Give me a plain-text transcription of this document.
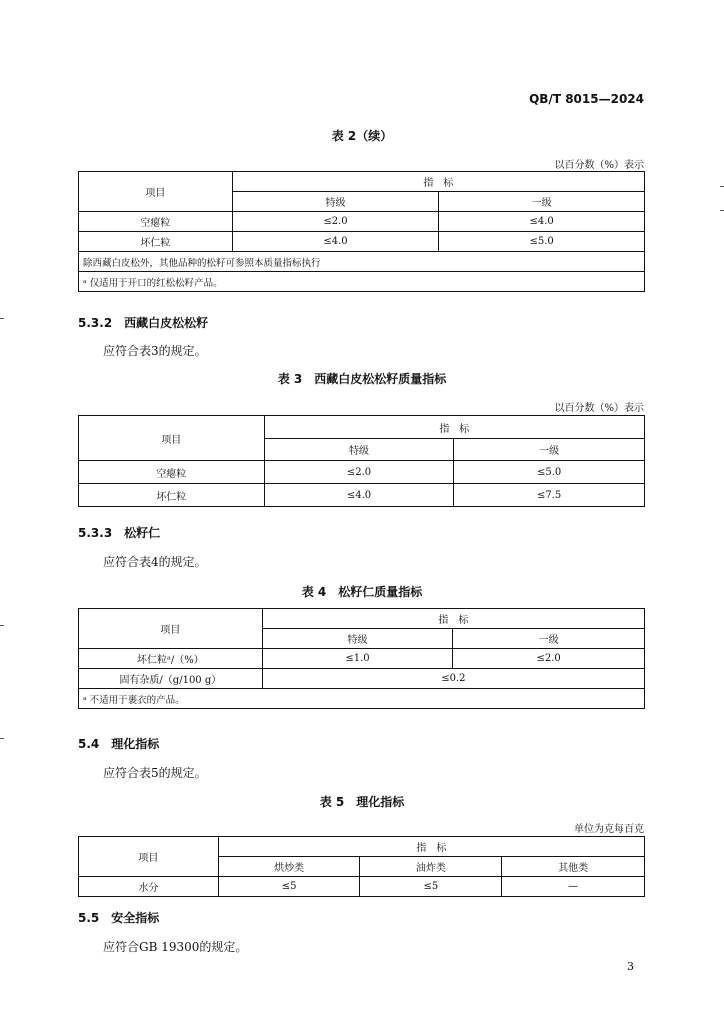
QB/T 8015—2024
表 2（续）
以百分数（%）表示
项目	指　标	
	特级	一级
空瘪粒	≤2.0	≤4.0
坏仁粒	≤4.0	≤5.0
除西藏白皮松外，其他品种的松籽可参照本质量指标执行		
ᵃ 仅适用于开口的红松松籽产品。		
5.3.2　西藏白皮松松籽
应符合表3的规定。
表 3　西藏白皮松松籽质量指标
以百分数（%）表示
项目	指　标	
	特级	一级
空瘪粒	≤2.0	≤5.0
坏仁粒	≤4.0	≤7.5
5.3.3　松籽仁
应符合表4的规定。
表 4　松籽仁质量指标
项目	指　标	
	特级	一级
坏仁粒ᵃ/（%）	≤1.0	≤2.0
固有杂质/（g/100 g）	≤0.2	
ᵃ 不适用于裹衣的产品。		
5.4　理化指标
应符合表5的规定。
表 5　理化指标
单位为克每百克
项目	指　标		
	烘炒类	油炸类	其他类
水分	≤5	≤5	—
5.5　安全指标
应符合GB 19300的规定。
3
